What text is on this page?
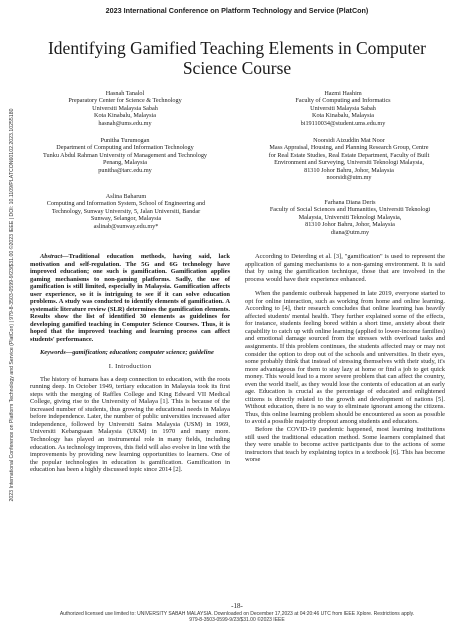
2023 International Conference on Platform Technology and Service (PlatCon) | 979-8-3503-0599-9/23/$31.00 ©2023 IEEE | DOI: 10.1109/PLATCON60102.2023.10255180
2023 International Conference on Platform Technology and Service (PlatCon)
Identifying Gamified Teaching Elements in Computer Science Course
Hasnah Tanalol
Preparatory Center for Science & Technology
Universiti Malaysia Sabah
Kota Kinabalu, Malaysia
hasnah@ums.edu.my
Hazmi Hashim
Faculty of Computing and Informatics
Universiti Malaysia Sabah
Kota Kinabalu, Malaysia
bi19110034@student.ums.edu.my
Punitha Turumogan
Department of Computing and Information Technology
Tunku Abdul Rahman University of Management and Technology
Penang, Malaysia
punitha@tarc.edu.my
Noorsidi Aizuddin Mat Noor
Mass Appraisal, Housing, and Planning Research Group, Centre
for Real Estate Studies, Real Estate Department, Faculty of Built
Environment and Surveying, Universiti Teknologi Malaysia,
81310 Johor Bahru, Johor, Malaysia
noorsidi@utm.my
Aslina Baharum
Computing and Information System, School of Engineering and
Technology, Sunway University, 5, Jalan Universiti, Bandar
Sunway, Selangor, Malaysia
aslinab@sunway.edu.my*
Farhana Diana Deris
Faculty of Social Sciences and Humanities, Universiti Teknologi
Malaysia, Universiti Teknologi Malaysia,
81310 Johor Bahru, Johor, Malaysia
diana@utm.my

Abstract—Traditional education methods, having said, lack motivation and self-regulation. The 5G and 6G technology have improved education; one such is gamification. Gamification applies gaming mechanisms to non-gaming platforms. Sadly, the use of gamification is still limited, especially in Malaysia. Gamification affects user experience, so it is intriguing to see if it can solve education problems. A study was conducted to identify elements of gamification. A systematic literature review (SLR) determines the gamification elements. Results show the list of identified 30 elements as guidelines for developing gamified teaching in Computer Science Courses. Thus, it is hoped that the improved teaching and learning process can affect students' performance.

Keywords—gamification; education; computer science; guideline

I. Introduction

The history of humans has a deep connection to education, with the roots running deep. In October 1949, tertiary education in Malaysia took its first steps with the merging of Raffles College and King Edward VII Medical College, giving rise to the University of Malaya [1]. This is because of the increased number of students, thus growing the educational needs in Malaya before independence. Later, the number of public universities increased after independence, followed by Universiti Sains Malaysia (USM) in 1969, Universiti Kebangsaan Malaysia (UKM) in 1970 and many more. Technology has played an instrumental role in many fields, including education. As technology improves, this field will also evolve in line with the improvements by providing new learning opportunities to learners. One of the popular technologies in education is gamification. Gamification in education has been a highly discussed topic since 2014 [2].

According to Deterding et al. [3], "gamification" is used to represent the application of gaming mechanisms to a non-gaming environment. It is said that by using the gamification technique, those that are involved in the process would have their experience enhanced.

When the pandemic outbreak happened in late 2019, everyone started to opt for online interaction, such as working from home and online learning. According to [4], their research concludes that online learning has heavily affected students' mental health. They further explained some of the effects, for instance, students feeling bored within a short time, anxiety about their capability to catch up with online learning (applied to lower-income families) and emotional damage sourced from the stresses with overload tasks and assignments. If this problem continues, the students affected may or may not consider the option to drop out of the schools and universities. In their eyes, some probably think that instead of stressing themselves with their study, it's more advantageous for them to stay lazy at home or find a job to get quick money. This would lead to a more severe problem that can affect the country, even the world itself, as they would lose the contents of education at an early age. Education is crucial as the percentage of educated and enlightened citizens is directly related to the growth and development of nations [5]. Without education, there is no way to eliminate ignorant among the citizens. Thus, this online learning problem should be encountered as soon as possible to avoid a possible majority dropout among students and educators.

Before the COVID-19 pandemic happened, most learning institutions still used the traditional education method. Some learners complained that they were unable to become active participants due to the actions of some instructors that teach by explaining topics in a textbook [6]. This has become worse

-18-
Authorized licensed use limited to: UNIVERSITY SABAH MALAYSIA. Downloaded on December 17,2023 at 04:20:46 UTC from IEEE Xplore. Restrictions apply.
979-8-3503-0599-9/23/$31.00 ©2023 IEEE
